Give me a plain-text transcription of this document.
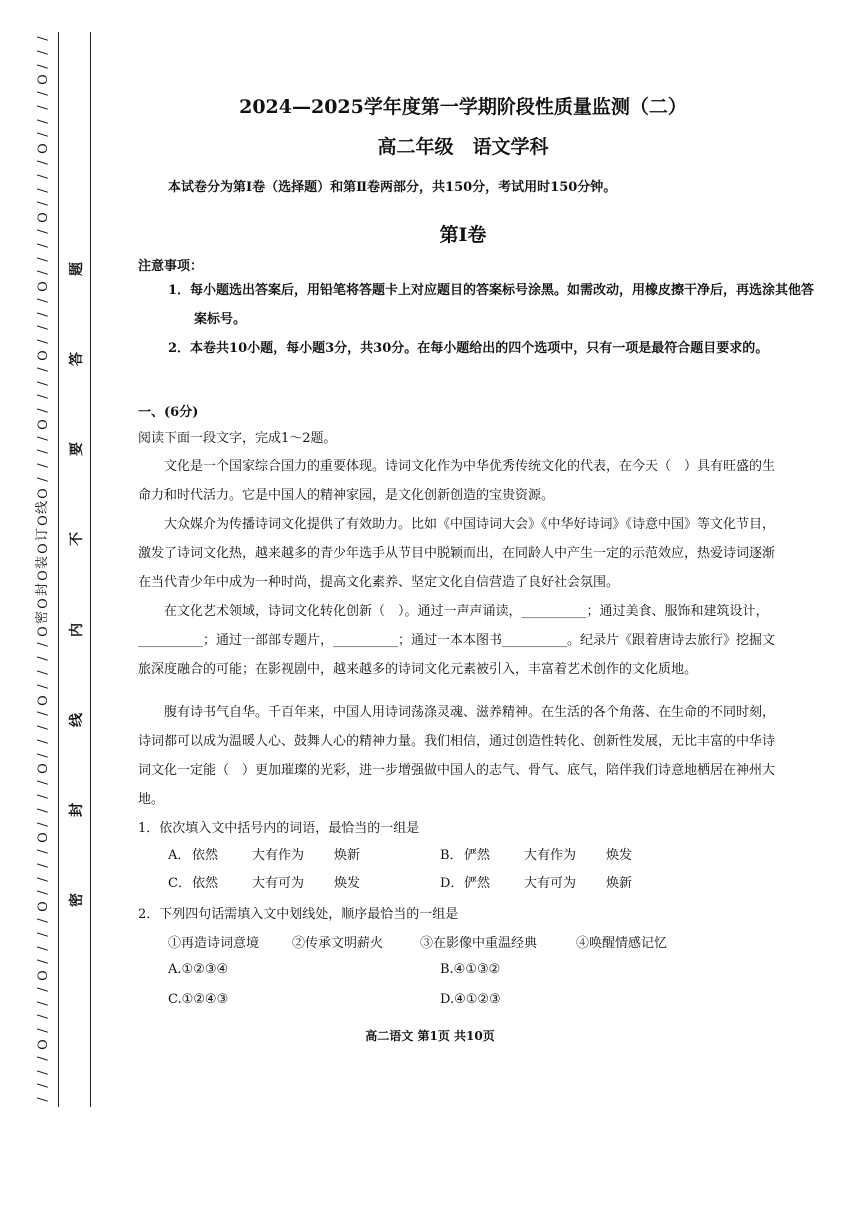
/
/
/
O
/
/
/
/
O
/
/
/
/
O
/
/
/
/
O
/
/
/
/
O
/
/
/
/
O
/
/
/
/
O
线
O
订
O
装
O
封
O
密
O
/
/
/
/
O
/
/
/
/
O
/
/
/
/
O
/
/
/
/
O
/
/
/
/
O
/
/
/
/
O
/
/
/
/
题
答
要
不
内
线
封
密
2024—2025学年度第一学期阶段性质量监测（二）
高二年级　语文学科
本试卷分为第Ⅰ卷（选择题）和第Ⅱ卷两部分，共150分，考试用时150分钟。
第Ⅰ卷
注意事项：
1．每小题选出答案后，用铅笔将答题卡上对应题目的答案标号涂黑。如需改动，用橡皮擦干净后，再选涂其他答案标号。
2．本卷共10小题，每小题3分，共30分。在每小题给出的四个选项中，只有一项是最符合题目要求的。
一、(6分)
阅读下面一段文字，完成1～2题。
文化是一个国家综合国力的重要体现。诗词文化作为中华优秀传统文化的代表，在今天（　）具有旺盛的生命力和时代活力。它是中国人的精神家园，是文化创新创造的宝贵资源。
大众媒介为传播诗词文化提供了有效助力。比如《中国诗词大会》《中华好诗词》《诗意中国》等文化节目，激发了诗词文化热，越来越多的青少年选手从节目中脱颖而出，在同龄人中产生一定的示范效应，热爱诗词逐渐在当代青少年中成为一种时尚，提高文化素养、坚定文化自信营造了良好社会氛围。
在文化艺术领域，诗词文化转化创新（　）。通过一声声诵读，__________；通过美食、服饰和建筑设计，__________；通过一部部专题片，__________；通过一本本图书__________。纪录片《跟着唐诗去旅行》挖掘文旅深度融合的可能；在影视剧中，越来越多的诗词文化元素被引入，丰富着艺术创作的文化质地。
腹有诗书气自华。千百年来，中国人用诗词荡涤灵魂、滋养精神。在生活的各个角落、在生命的不同时刻，诗词都可以成为温暖人心、鼓舞人心的精神力量。我们相信，通过创造性转化、创新性发展，无比丰富的中华诗词文化一定能（　）更加璀璨的光彩，进一步增强做中国人的志气、骨气、底气，陪伴我们诗意地栖居在神州大地。
1．依次填入文中括号内的词语，最恰当的一组是
A． 依然	大有作为 焕新	B． 俨然	大有作为 焕发
C． 依然	大有可为 焕发	D． 俨然	大有可为 焕新
2．下列四句话需填入文中划线处，顺序最恰当的一组是
①再造诗词意境	②传承文明薪火	③在影像中重温经典	④唤醒情感记忆
A.①②③④	B.④①③②
C.①②④③	D.④①②③
高二语文 第1页 共10页
